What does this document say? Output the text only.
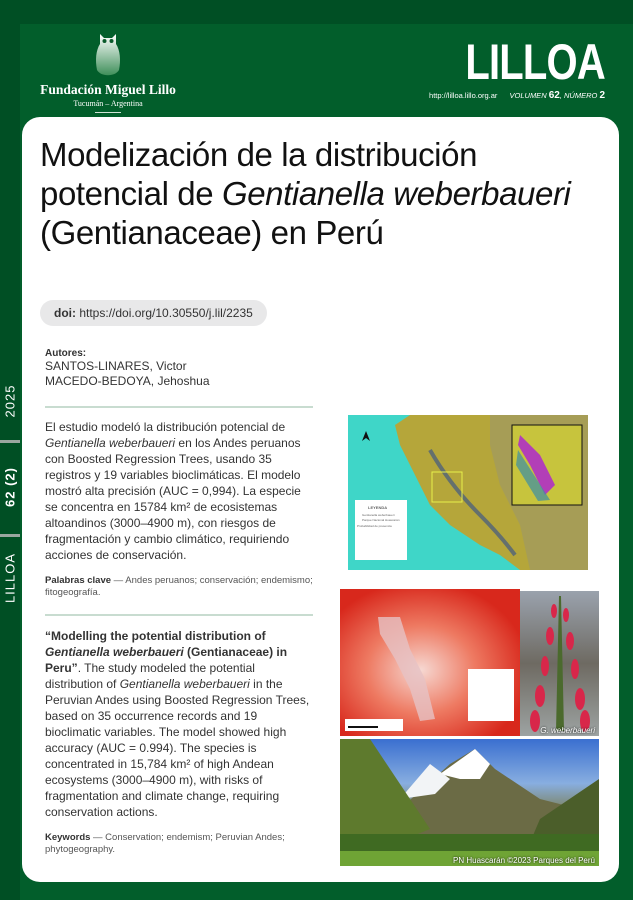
Fundación Miguel Lillo
Tucumán – Argentina
LILLOA
http://lilloa.lillo.org.ar VOLUMEN 62, NÚMERO 2
2025
62 (2)
LILLOA
Modelización de la distribución potencial de Gentianella weberbaueri (Gentianaceae) en Perú
doi: https://doi.org/10.30550/j.lil/2235
Autores:
SANTOS-LINARES, Victor
MACEDO-BEDOYA, Jehoshua

El estudio modeló la distribución potencial de Gentianella weberbaueri en los Andes peruanos con Boosted Regression Trees, usando 35 registros y 19 variables bioclimáticas. El modelo mostró alta precisión (AUC = 0,994). La especie se concentra en 15784 km² de ecosistemas altoandinos (3000–4900 m), con riesgos de fragmentación y cambio climático, requiriendo acciones de conservación.

Palabras clave — Andes peruanos; conservación; endemismo; fitogeografía.

“Modelling the potential distribution of Gentianella weberbaueri (Gentianaceae) in Peru”. The study modeled the potential distribution of Gentianella weberbaueri in the Peruvian Andes using Boosted Regression Trees, based on 35 occurrence records and 19 bioclimatic variables. The model showed high accuracy (AUC = 0.994). The species is concentrated in 15,784 km² of high Andean ecosystems (3000–4900 m), with risks of fragmentation and climate change, requiring conservation actions.

Keywords — Conservation; endemism; Peruvian Andes; phytogeography.

LEYENDA
Gentianella weberbaueri
Parque Nacional Huascarán
Probabilidad de presencia
G. weberbaueri
PN Huascarán ©2023 Parques del Perú
